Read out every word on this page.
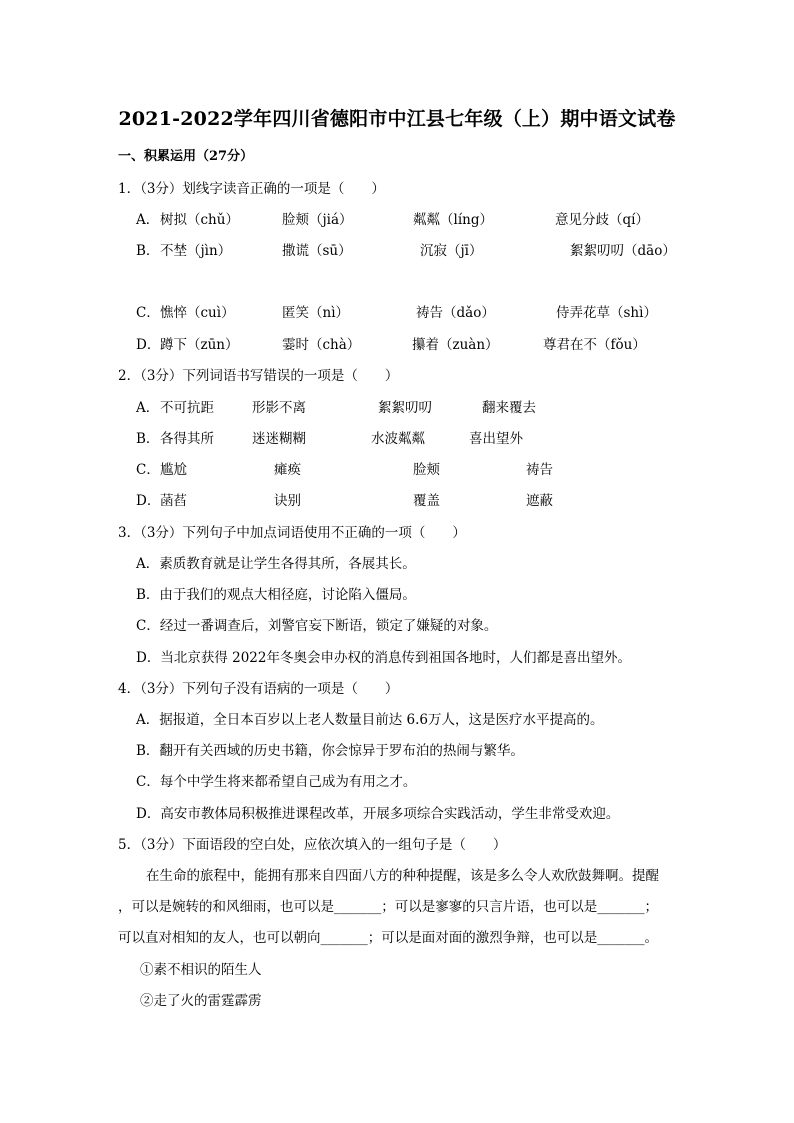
2021-2022学年四川省德阳市中江县七年级（上）期中语文试卷
一、积累运用（27分）
1．（3分）划线字读音正确的一项是（　　）
A． 树拟（chǔ）	脸颊（jiá）	粼粼（líng）	意见分歧（qí）
B． 不埜（jìn）	撒谎（sū）	沉寂（jī）	絮絮叨叨（dāo）
C． 憔悴（cuì）	匿笑（nì）	祷告（dǎo）	侍弄花草（shì）
D． 蹲下（zūn）	霎时（chà）	攥着（zuàn）	尊君在不（fǒu）
2．（3分）下列词语书写错误的一项是（　　）
A． 不可抗距	形影不离	絮絮叨叨	翻来覆去
B． 各得其所	迷迷糊糊	水波粼粼	喜出望外
C． 尴尬	瘫痪	脸颊	祷告
D． 菡萏	诀别	覆盖	遮蔽
3．（3分）下列句子中加点词语使用不正确的一项（　　）
A．素质教育就是让学生各得其所，各展其长。
B．由于我们的观点大相径庭，讨论陷入僵局。
C．经过一番调查后，刘警官妄下断语，锁定了嫌疑的对象。
D．当北京获得 2022年冬奥会申办权的消息传到祖国各地时，人们都是喜出望外。
4．（3分）下列句子没有语病的一项是（　　）
A．据报道，全日本百岁以上老人数量目前达 6.6万人，这是医疗水平提高的。
B．翻开有关西域的历史书籍，你会惊异于罗布泊的热闹与繁华。
C．每个中学生将来都希望自己成为有用之才。
D．高安市教体局积极推进课程改革，开展多项综合实践活动，学生非常受欢迎。
5．（3分）下面语段的空白处，应依次填入的一组句子是（　　）
在生命的旅程中，能拥有那来自四面八方的种种提醒，该是多么令人欢欣鼓舞啊。提醒
，可以是婉转的和风细雨，也可以是_______；可以是寥寥的只言片语，也可以是_______；
可以直对相知的友人，也可以朝向_______；可以是面对面的激烈争辩，也可以是_______。
①素不相识的陌生人
②走了火的雷霆霹雳
